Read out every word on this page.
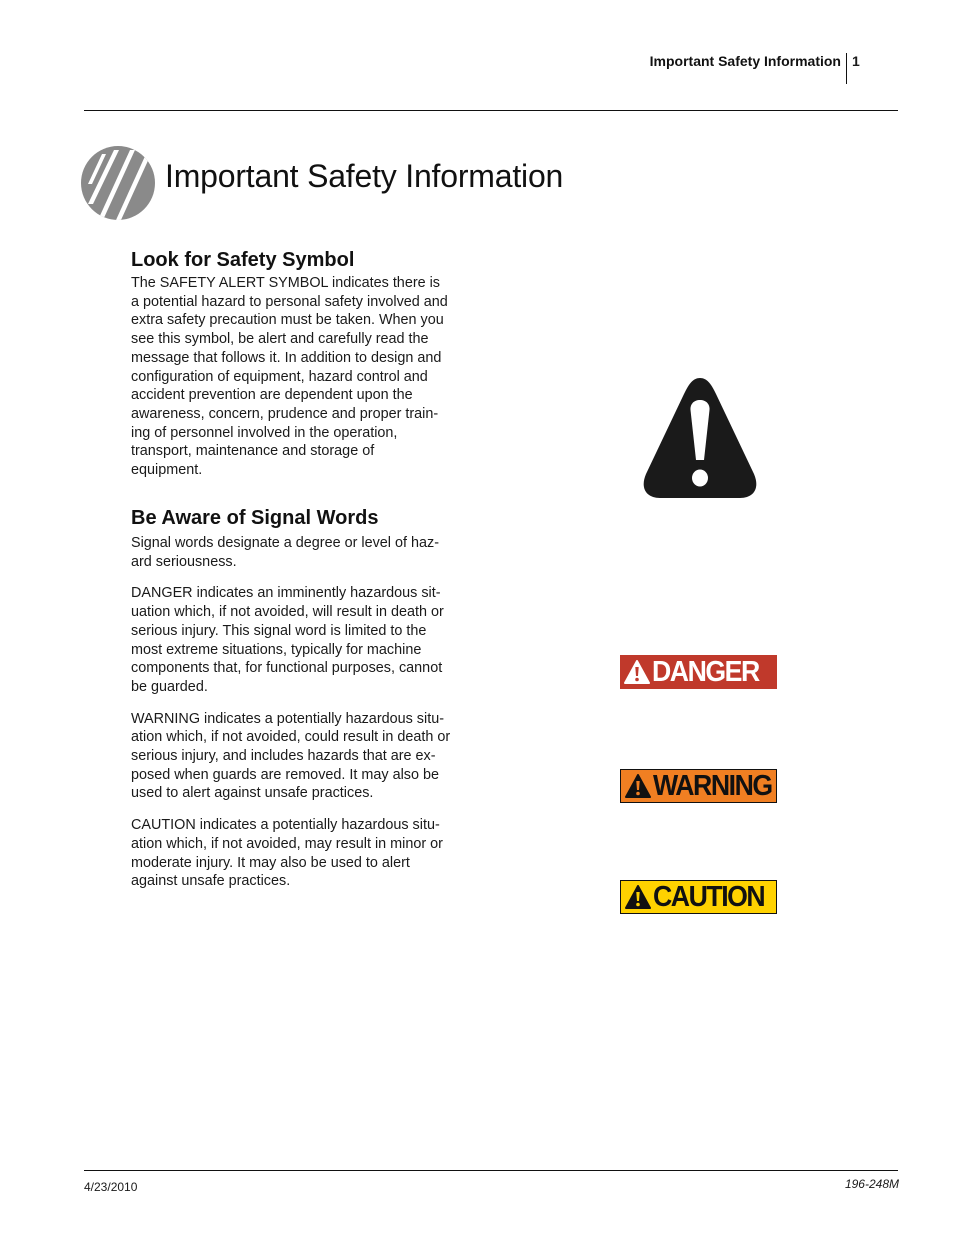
Important Safety Information 1
Important Safety Information
Look for Safety Symbol

The SAFETY ALERT SYMBOL indicates there is
a potential hazard to personal safety involved and
extra safety precaution must be taken. When you
see this symbol, be alert and carefully read the
message that follows it. In addition to design and
configuration of equipment, hazard control and
accident prevention are dependent upon the
awareness, concern, prudence and proper train-
ing of personnel involved in the operation,
transport, maintenance and storage of
equipment.

Be Aware of Signal Words

Signal words designate a degree or level of haz-
ard seriousness.

DANGER indicates an imminently hazardous sit-
uation which, if not avoided, will result in death or
serious injury. This signal word is limited to the
most extreme situations, typically for machine
components that, for functional purposes, cannot
be guarded.

WARNING indicates a potentially hazardous situ-
ation which, if not avoided, could result in death or
serious injury, and includes hazards that are ex-
posed when guards are removed. It may also be
used to alert against unsafe practices.

CAUTION indicates a potentially hazardous situ-
ation which, if not avoided, may result in minor or
moderate injury. It may also be used to alert
against unsafe practices.

DANGER
WARNING
CAUTION
4/23/2010	196-248M
